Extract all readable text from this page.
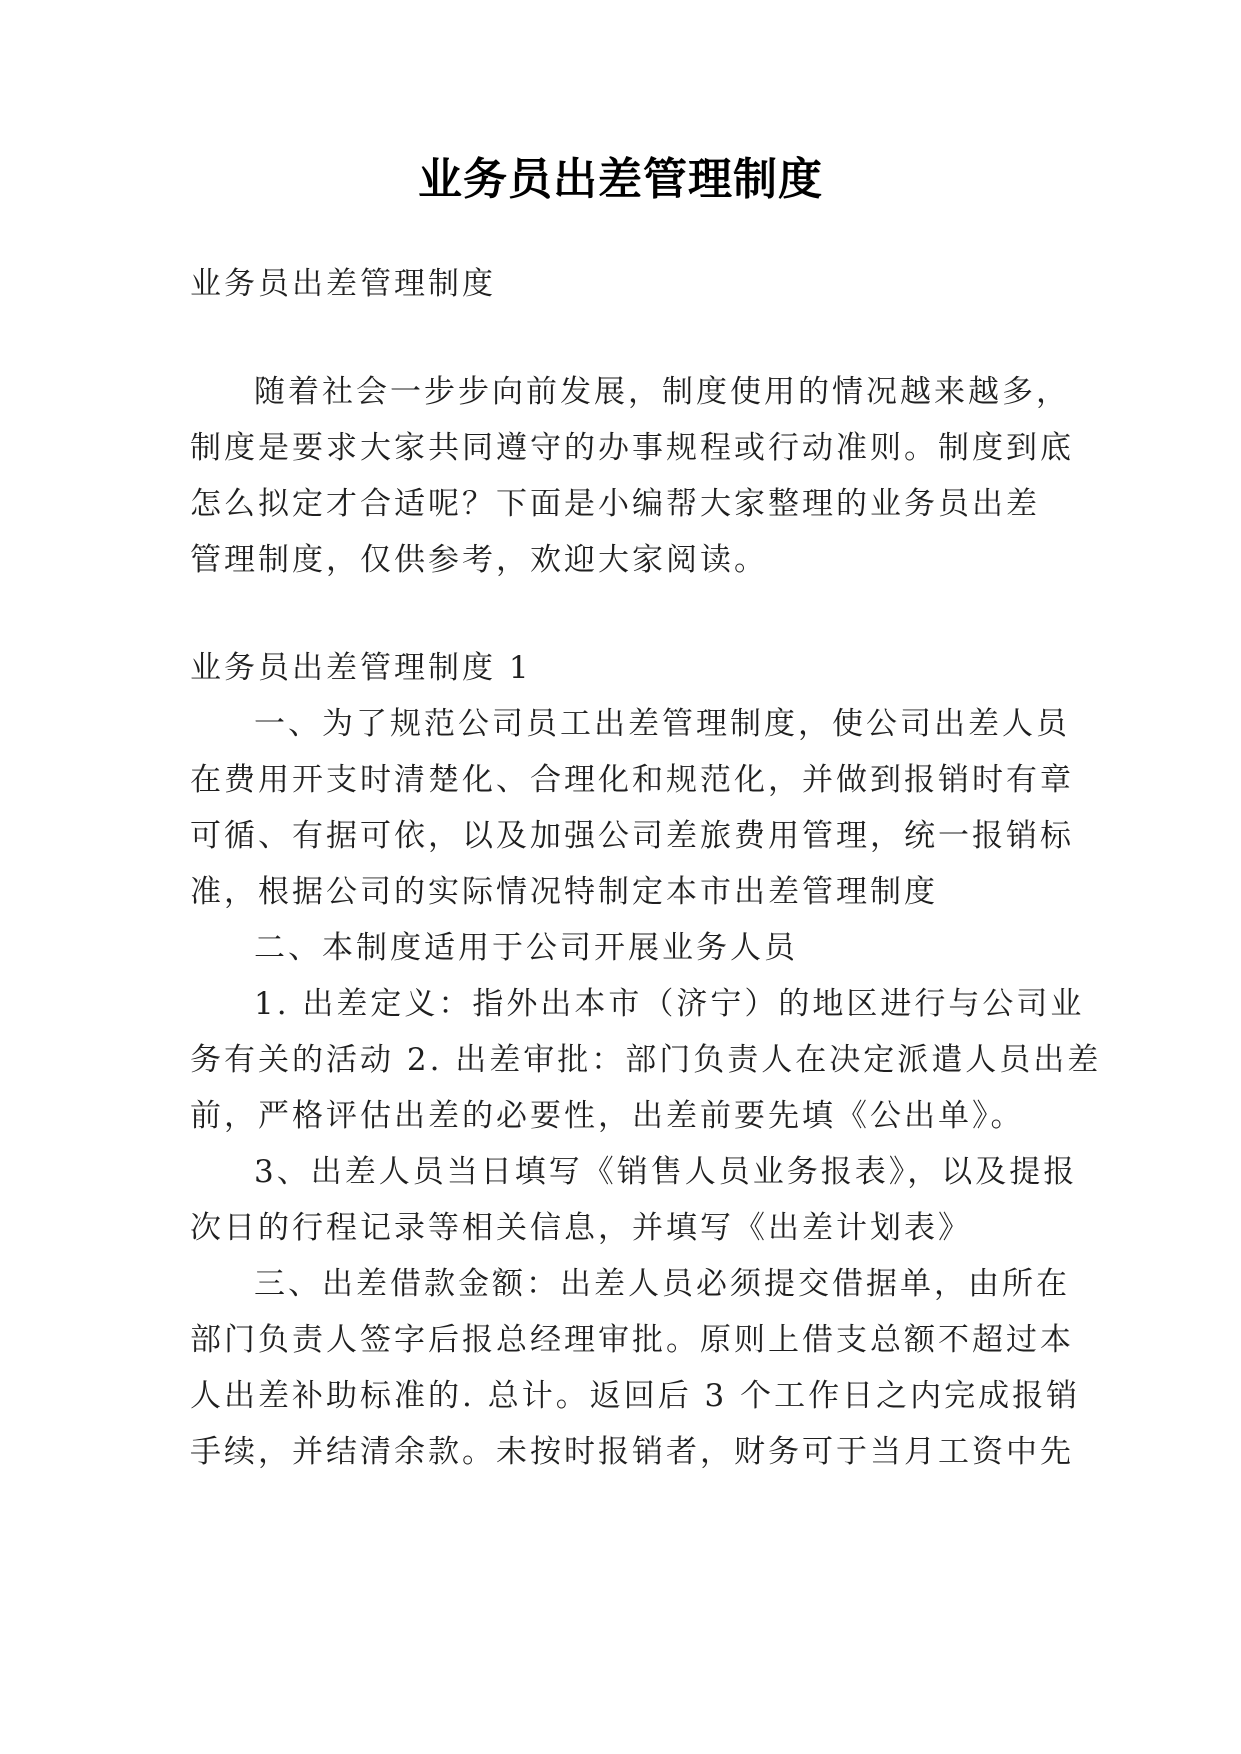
业务员出差管理制度
业务员出差管理制度
随着社会一步步向前发展，制度使用的情况越来越多，
制度是要求大家共同遵守的办事规程或行动准则。制度到底
怎么拟定才合适呢？下面是小编帮大家整理的业务员出差
管理制度，仅供参考，欢迎大家阅读。
业务员出差管理制度 1
一、为了规范公司员工出差管理制度，使公司出差人员
在费用开支时清楚化、合理化和规范化，并做到报销时有章
可循、有据可依，以及加强公司差旅费用管理，统一报销标
准，根据公司的实际情况特制定本市出差管理制度
二、本制度适用于公司开展业务人员
1. 出差定义：指外出本市（济宁）的地区进行与公司业
务有关的活动 2. 出差审批：部门负责人在决定派遣人员出差
前，严格评估出差的必要性，出差前要先填《公出单》。
3、出差人员当日填写《销售人员业务报表》，以及提报
次日的行程记录等相关信息，并填写《出差计划表》
三、出差借款金额：出差人员必须提交借据单，由所在
部门负责人签字后报总经理审批。原则上借支总额不超过本
人出差补助标准的. 总计。返回后 3 个工作日之内完成报销
手续，并结清余款。未按时报销者，财务可于当月工资中先
